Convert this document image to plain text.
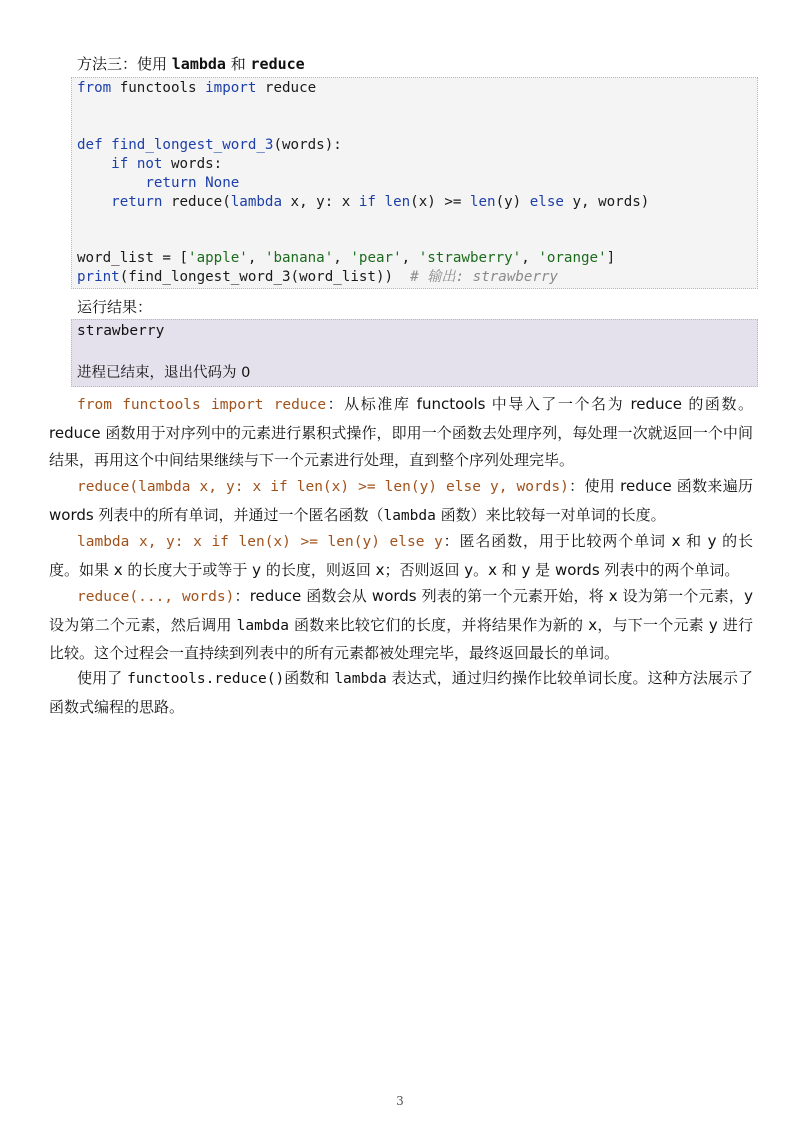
方法三：使用 lambda 和 reduce
from functools import reduce
def find_longest_word_3(words):
if not words:
return None
return reduce(lambda x, y: x if len(x) >= len(y) else y, words)
word_list = ['apple', 'banana', 'pear', 'strawberry', 'orange']
print(find_longest_word_3(word_list))  # 输出: strawberry
运行结果：
strawberry
进程已结束，退出代码为 0

from functools import reduce：从标准库 functools 中导入了一个名为 reduce 的函数。reduce 函数用于对序列中的元素进行累积式操作，即用一个函数去处理序列，每处理一次就返回一个中间结果，再用这个中间结果继续与下一个元素进行处理，直到整个序列处理完毕。

reduce(lambda x, y: x if len(x) >= len(y) else y, words)：使用 reduce 函数来遍历 words 列表中的所有单词，并通过一个匿名函数（lambda 函数）来比较每一对单词的长度。

lambda x, y: x if len(x) >= len(y) else y：匿名函数，用于比较两个单词 x 和 y 的长度。如果 x 的长度大于或等于 y 的长度，则返回 x；否则返回 y。x 和 y 是 words 列表中的两个单词。

reduce(..., words)：reduce 函数会从 words 列表的第一个元素开始，将 x 设为第一个元素，y 设为第二个元素，然后调用 lambda 函数来比较它们的长度，并将结果作为新的 x，与下一个元素 y 进行比较。这个过程会一直持续到列表中的所有元素都被处理完毕，最终返回最长的单词。

使用了 functools.reduce()函数和 lambda 表达式，通过归约操作比较单词长度。这种方法展示了函数式编程的思路。

3
